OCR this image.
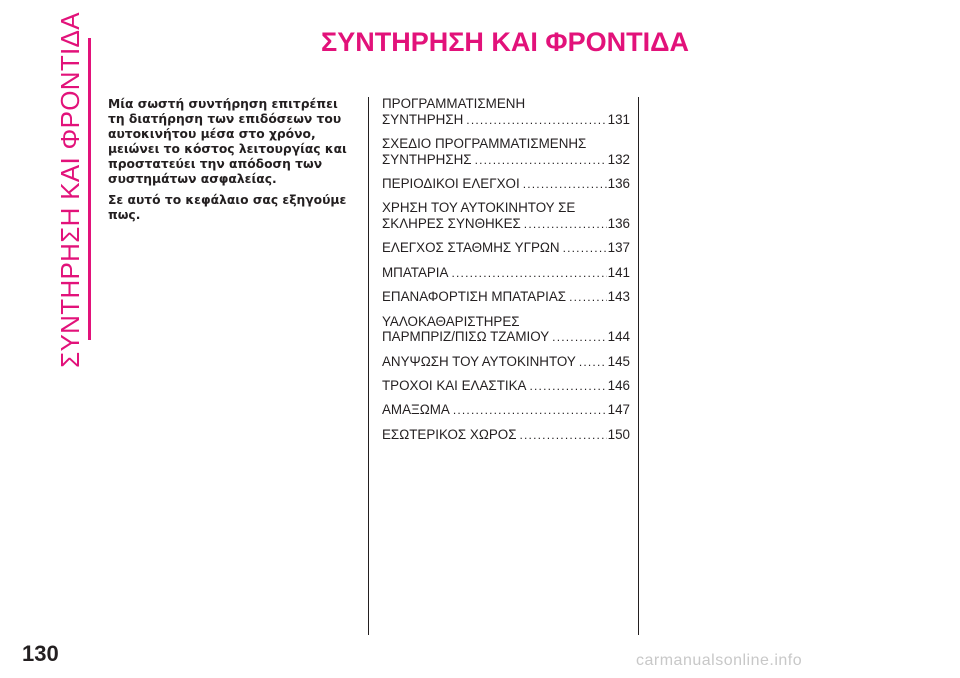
ΣΥΝΤΗΡΗΣΗ ΚΑΙ ΦΡΟΝΤΙΔΑ	ΣΥΝΤΗΡΗΣΗ ΚΑΙ ΦΡΟΝΤΙΔΑ

Μία σωστή συντήρηση επιτρέπει τη διατήρηση των επιδόσεων του αυτοκινήτου μέσα στο χρόνο, μειώνει το κόστος λειτουργίας και προστατεύει την απόδοση των συστημάτων ασφαλείας.

Σε αυτό το κεφάλαιο σας εξηγούμε πως.

ΠΡΟΓΡΑΜΜΑΤΙΣΜΕΝΗ
ΣΥΝΤΗΡΗΣΗ .....	131
ΣΧΕΔΙΟ ΠΡΟΓΡΑΜΜΑΤΙΣΜΕΝΗΣ
ΣΥΝΤΗΡΗΣΗΣ .....	132
ΠΕΡΙΟΔΙΚΟΙ ΕΛΕΓΧΟΙ .....	136
ΧΡΗΣΗ ΤΟΥ ΑΥΤΟΚΙΝΗΤΟΥ ΣΕ
ΣΚΛΗΡΕΣ ΣΥΝΘΗΚΕΣ .....	136
ΕΛΕΓΧΟΣ ΣΤΑΘΜΗΣ ΥΓΡΩΝ .....	137
ΜΠΑΤΑΡΙΑ .....	141
ΕΠΑΝΑΦΟΡΤΙΣΗ ΜΠΑΤΑΡΙΑΣ .....	143
ΥΑΛΟΚΑΘΑΡΙΣΤΗΡΕΣ
ΠΑΡΜΠΡΙΖ/ΠΙΣΩ ΤΖΑΜΙΟΥ .....	144
ΑΝΥΨΩΣΗ ΤΟΥ ΑΥΤΟΚΙΝΗΤΟΥ ..... 145
ΤΡΟΧΟΙ ΚΑΙ ΕΛΑΣΤΙΚΑ .....	146
ΑΜΑΞΩΜΑ .....	147
ΕΣΩΤΕΡΙΚΟΣ ΧΩΡΟΣ .....	150
130	carmanualsonline.info
